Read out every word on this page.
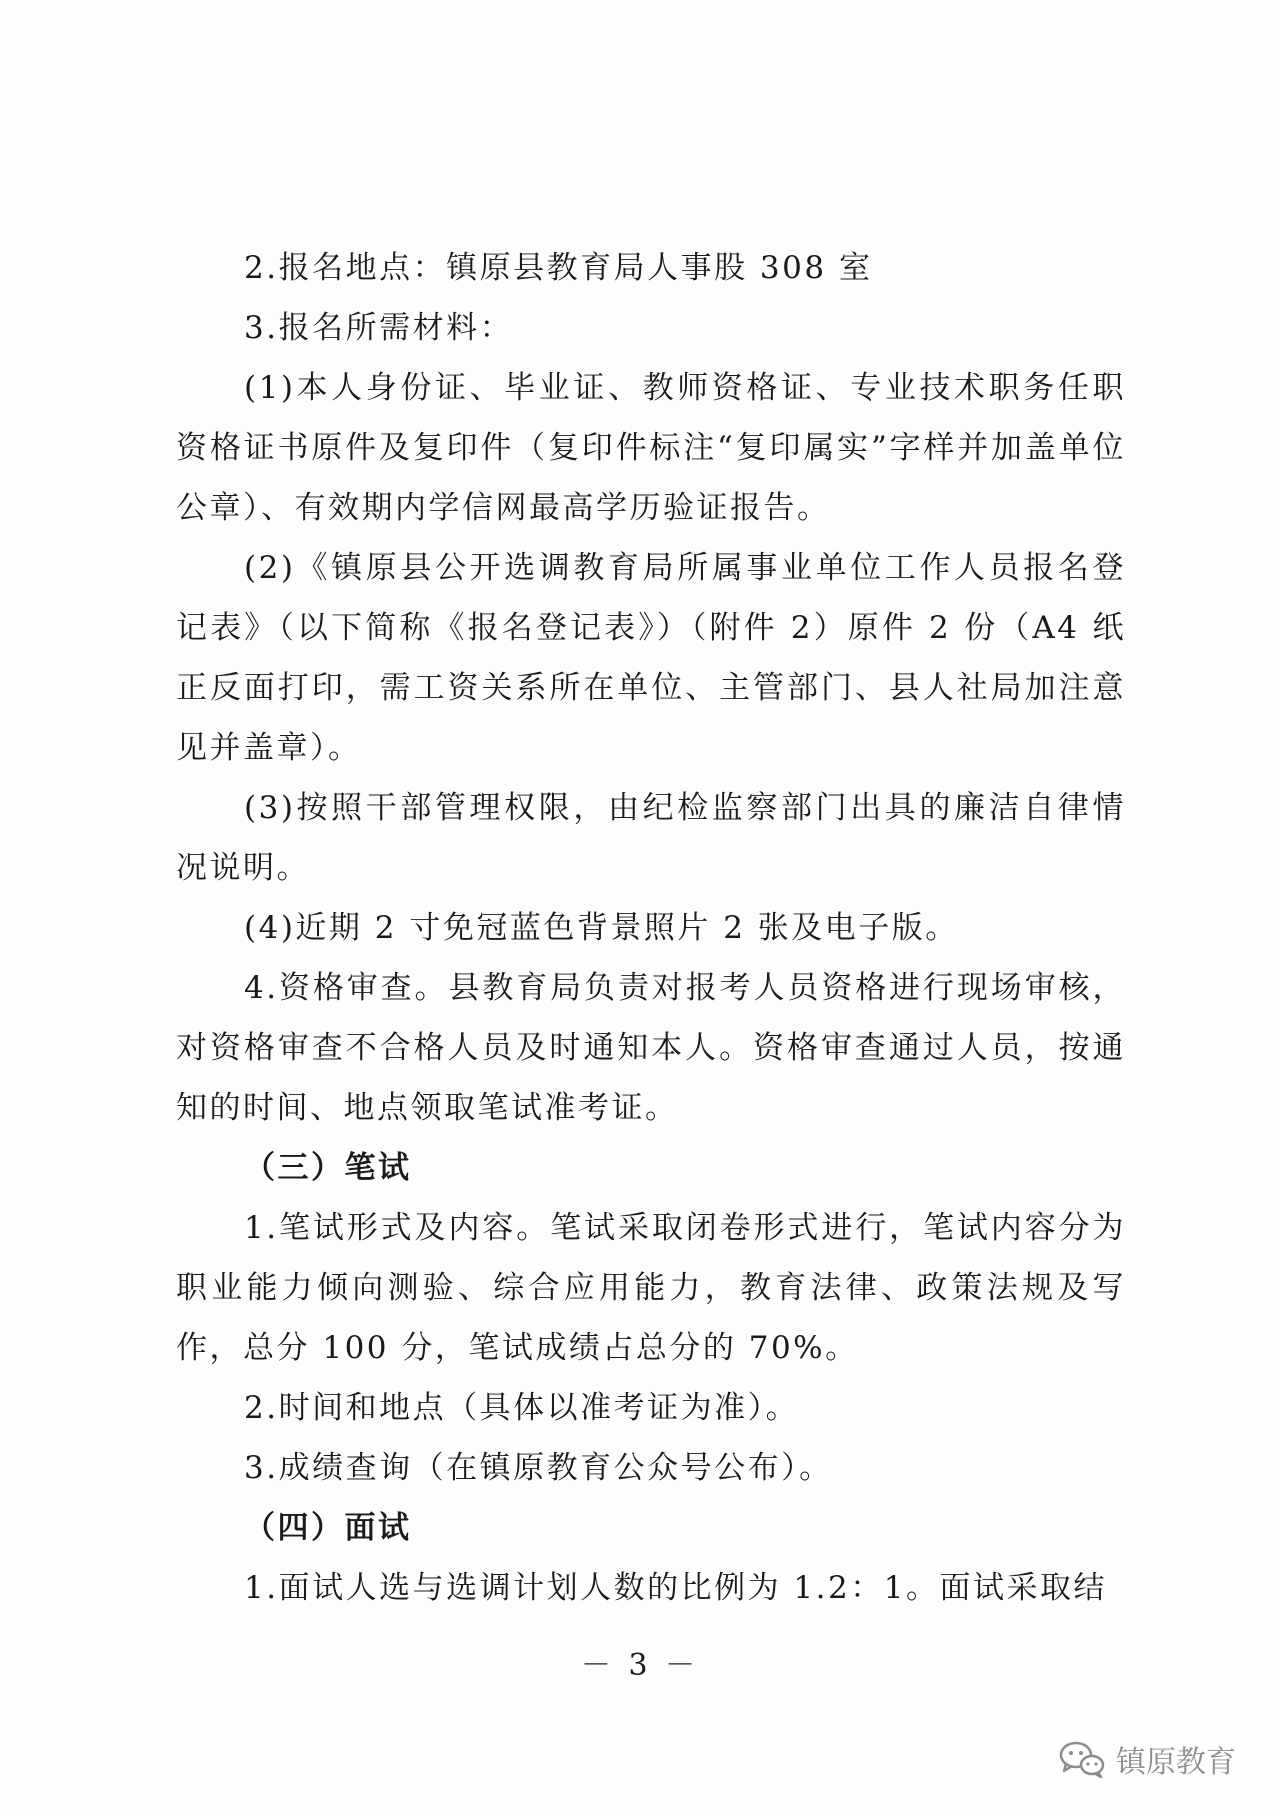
2.报名地点：镇原县教育局人事股 308 室

3.报名所需材料：

(1)本人身份证、毕业证、教师资格证、专业技术职务任职资格证书原件及复印件（复印件标注“复印属实”字样并加盖单位公章）、有效期内学信网最高学历验证报告。

(2)《镇原县公开选调教育局所属事业单位工作人员报名登记表》（以下简称《报名登记表》）（附件 2）原件 2 份（A4 纸正反面打印，需工资关系所在单位、主管部门、县人社局加注意见并盖章）。

(3)按照干部管理权限，由纪检监察部门出具的廉洁自律情况说明。

(4)近期 2 寸免冠蓝色背景照片 2 张及电子版。

4.资格审查。县教育局负责对报考人员资格进行现场审核，对资格审查不合格人员及时通知本人。资格审查通过人员，按通知的时间、地点领取笔试准考证。

（三）笔试

1.笔试形式及内容。笔试采取闭卷形式进行，笔试内容分为职业能力倾向测验、综合应用能力，教育法律、政策法规及写作，总分 100 分，笔试成绩占总分的 70%。

2.时间和地点（具体以准考证为准）。

3.成绩查询（在镇原教育公众号公布）。

（四）面试

1.面试人选与选调计划人数的比例为 1.2：1。面试采取结

－ 3 －
镇原教育
